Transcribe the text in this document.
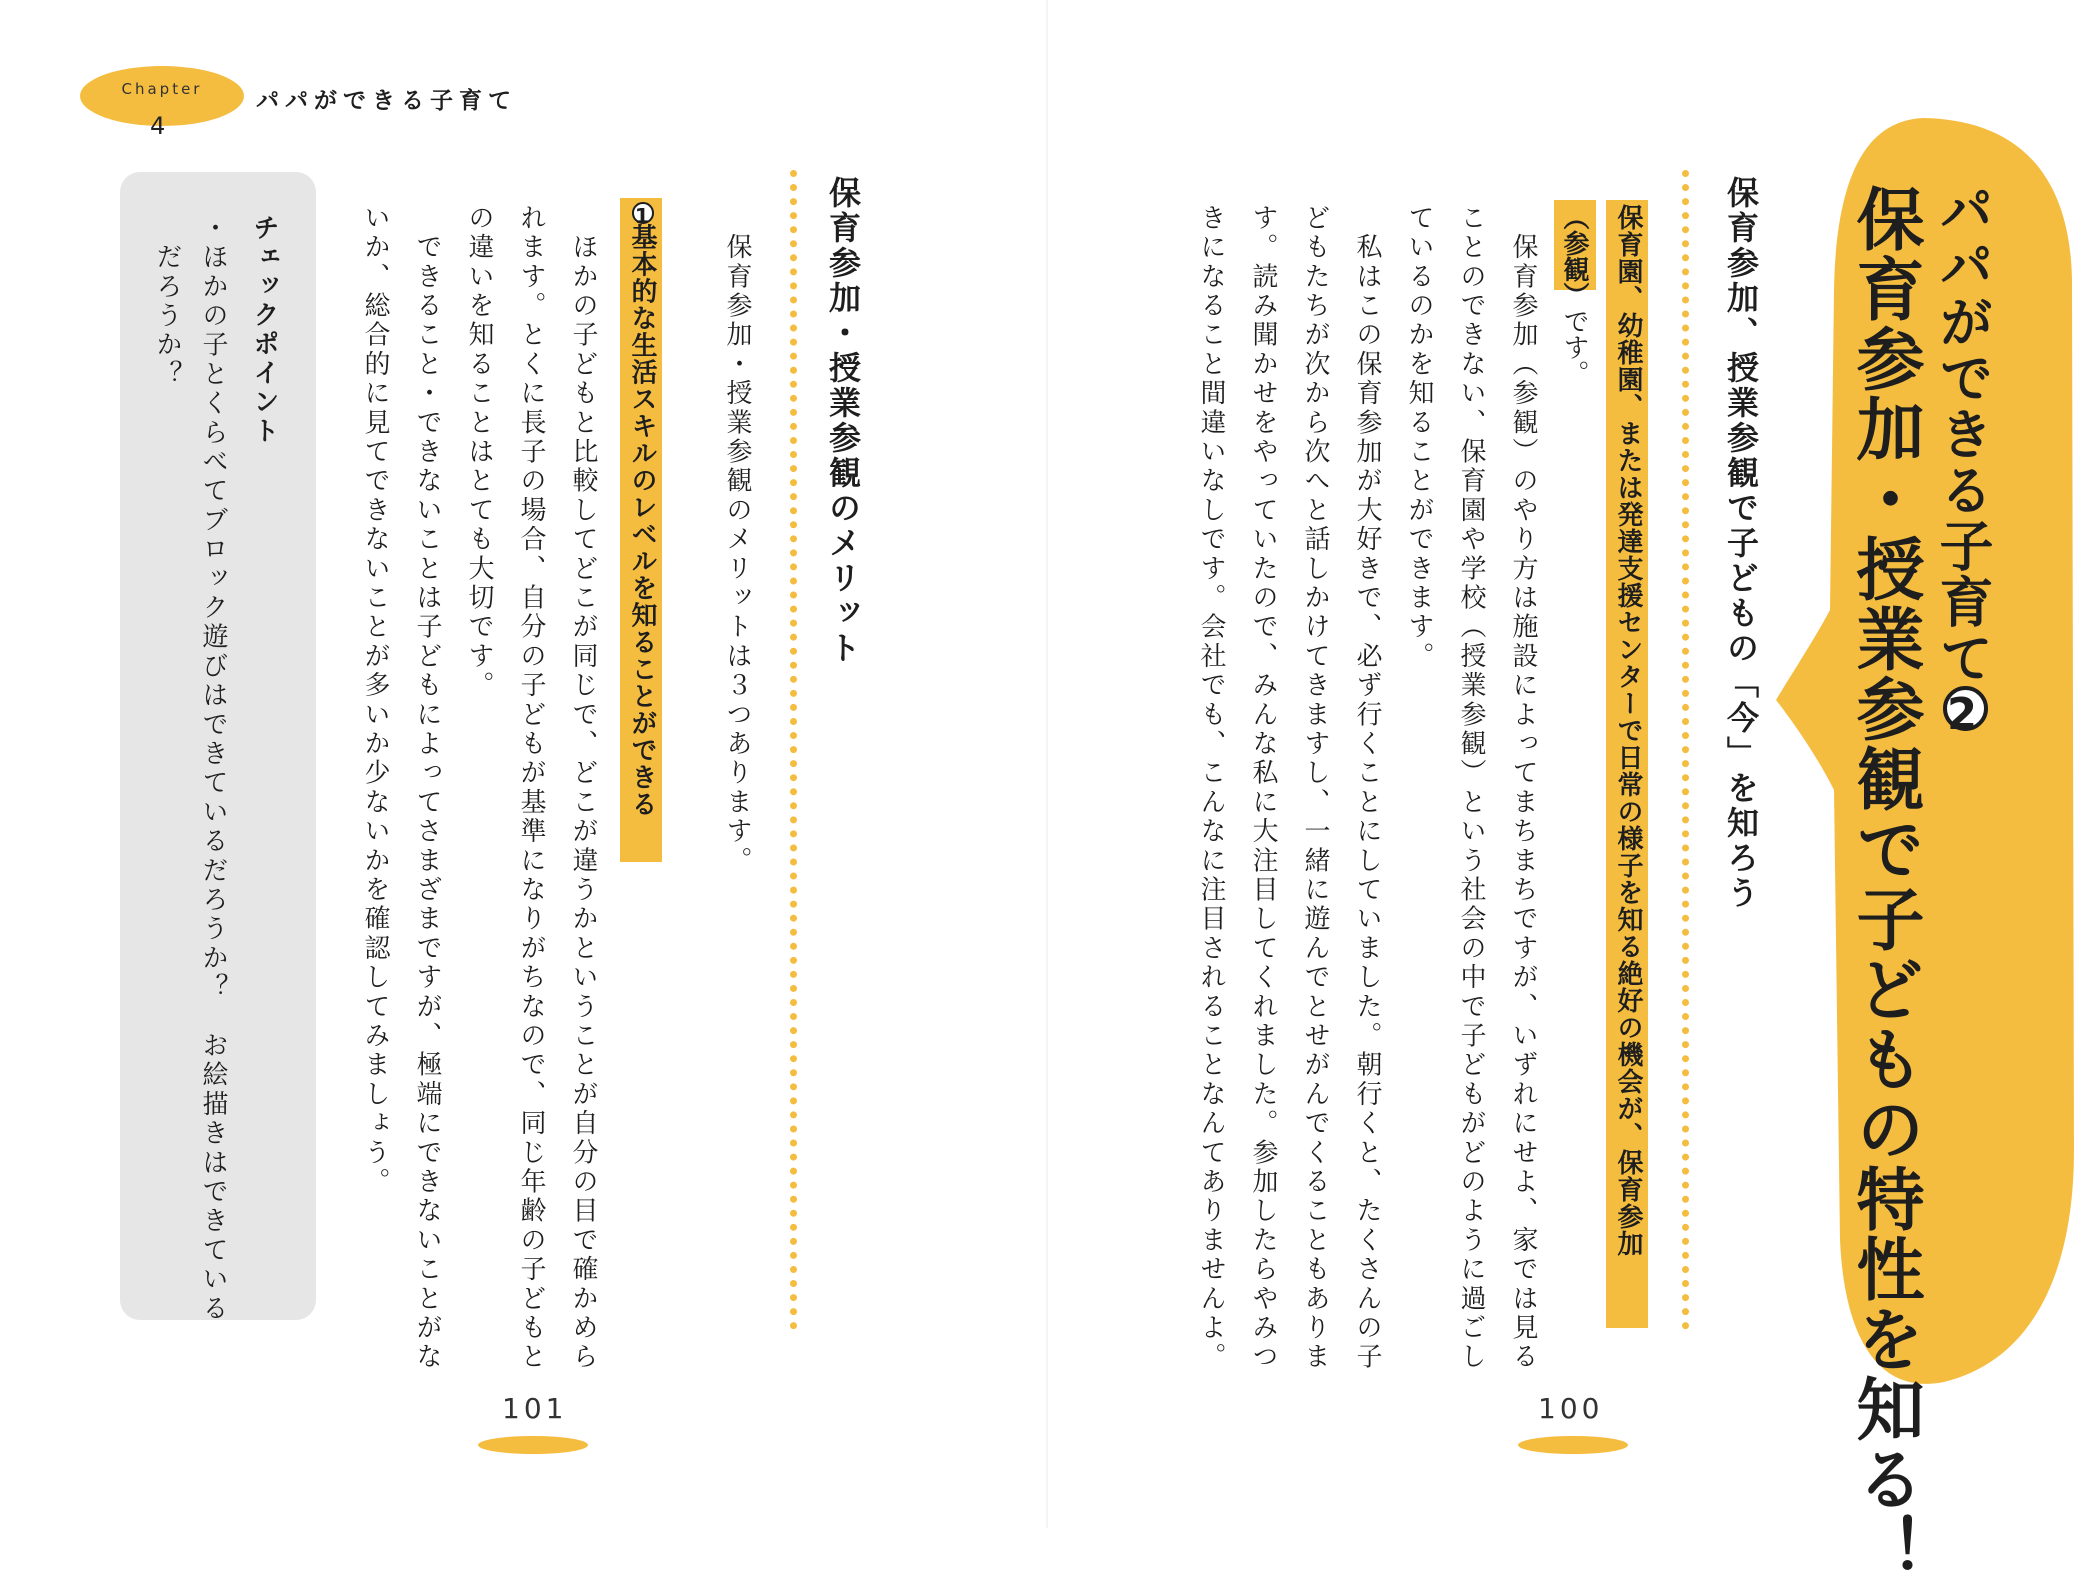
Chapter
4
パパができる子育て
パパができる子育て2
保育参加・授業参観で子どもの特性を知る！
保育参加、授業参観で子どもの「今」を知ろう
保育園、幼稚園、または発達支援センターで日常の様子を知る絶好の機会が、保育参加
（参観）です。
　保育参加（参観）のやり方は施設によってまちまちですが、いずれにせよ、家では見る
ことのできない、保育園や学校（授業参観）という社会の中で子どもがどのように過ごし
ているのかを知ることができます。
　私はこの保育参加が大好きで、必ず行くことにしていました。朝行くと、たくさんの子
どもたちが次から次へと話しかけてきますし、一緒に遊んでとせがんでくることもありま
す。読み聞かせをやっていたので、みんな私に大注目してくれました。参加したらやみつ
きになること間違いなしです。会社でも、こんなに注目されることなんてありませんよ。
100
保育参加・授業参観のメリット
　保育参加・授業参観のメリットは３つあります。
1基本的な生活スキルのレベルを知ることができる
　ほかの子どもと比較してどこが同じで、どこが違うかということが自分の目で確かめら
れます。とくに長子の場合、自分の子どもが基準になりがちなので、同じ年齢の子どもと
の違いを知ることはとても大切です。
　できること・できないことは子どもによってさまざまですが、極端にできないことがな
いか、総合的に見てできないことが多いか少ないかを確認してみましょう。
チェックポイント
・ほかの子とくらべてブロック遊びはできているだろうか？　お絵描きはできている
　だろうか？
101
